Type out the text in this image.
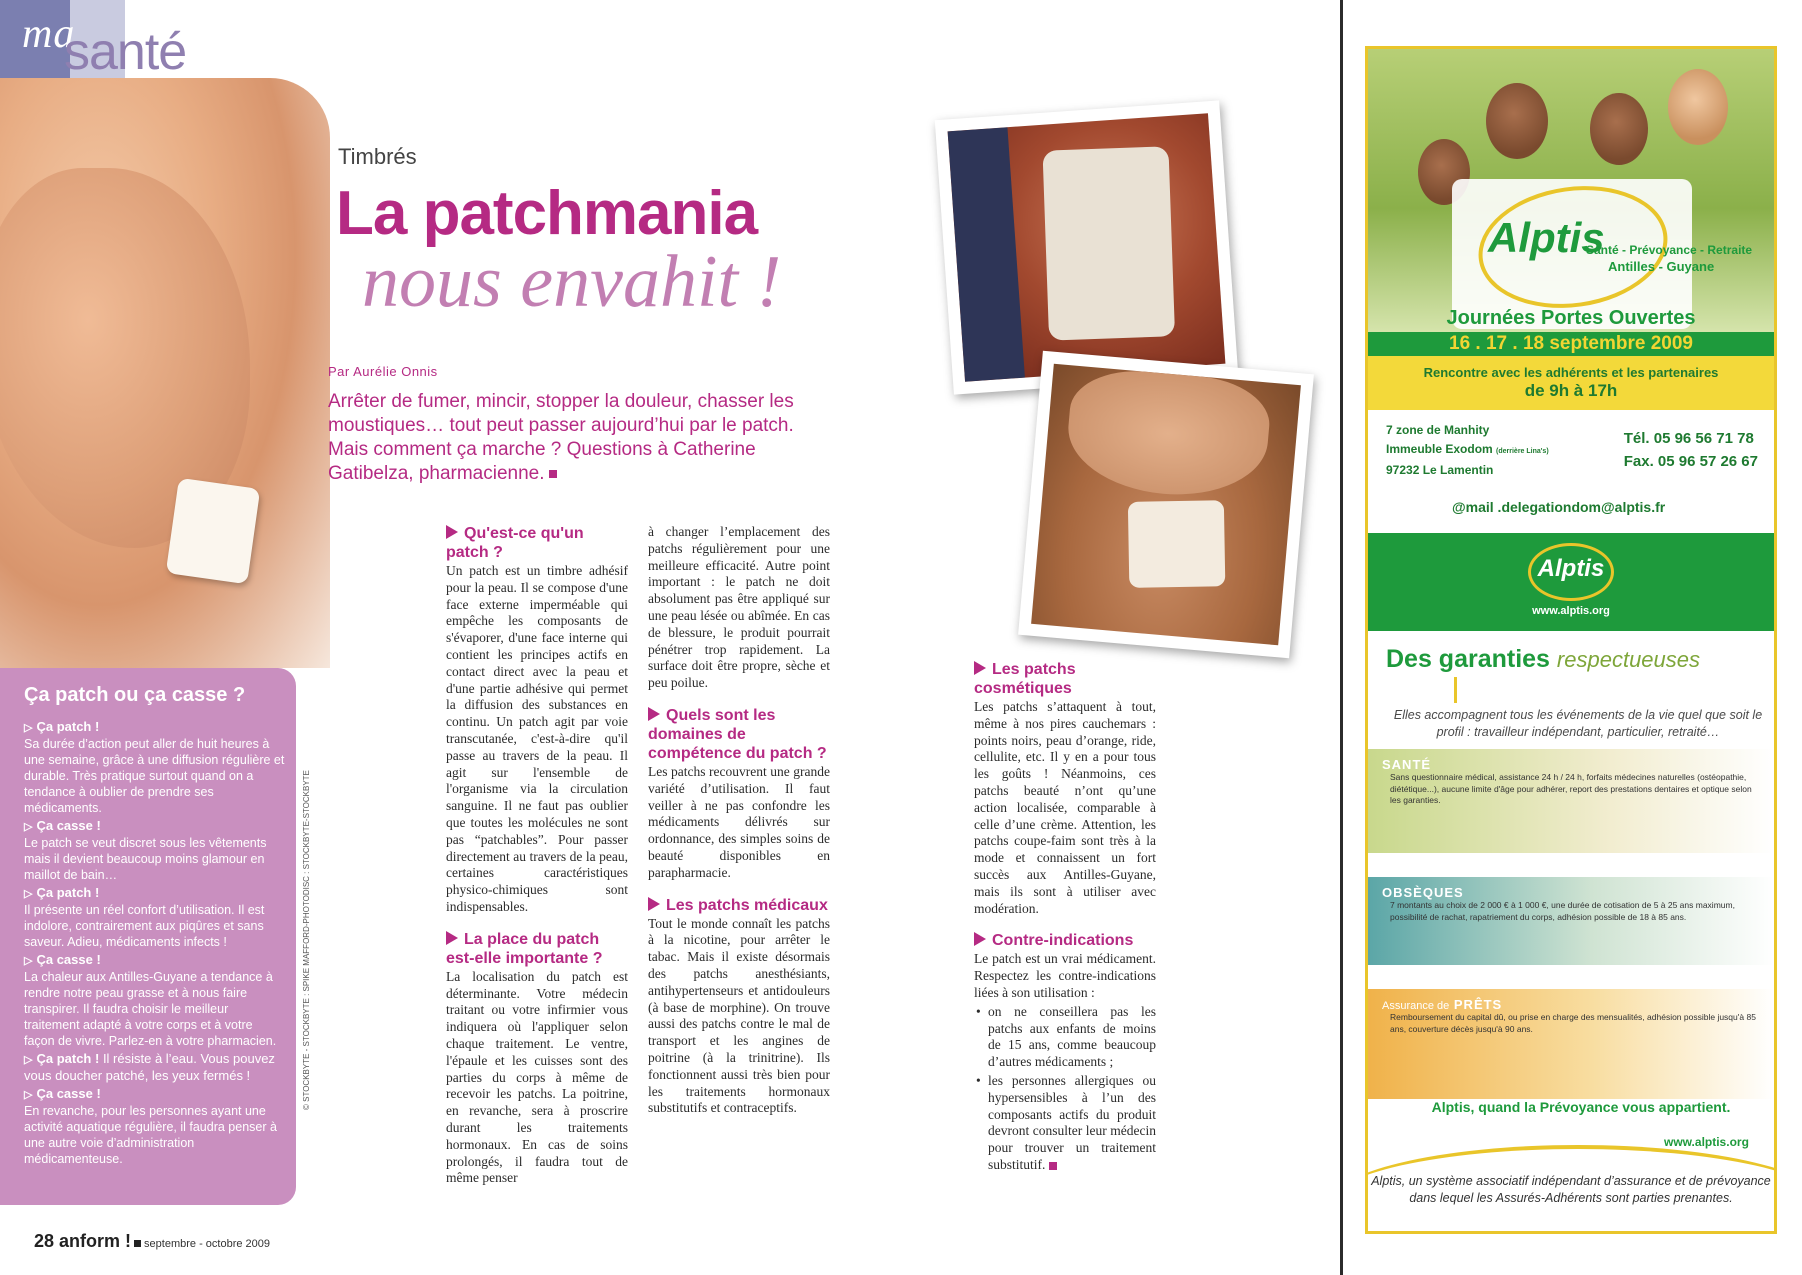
ma
santé
Timbrés
La patchmania
nous envahit !
Par Aurélie Onnis
Arrêter de fumer, mincir, stopper la douleur, chasser les moustiques… tout peut passer aujourd’hui par le patch. Mais comment ça marche ? Questions à Catherine Gatibelza, pharmacienne.
Qu'est-ce qu'un patch ?

Un patch est un timbre adhésif pour la peau. Il se compose d'une face externe imperméable qui empêche les composants de s'évaporer, d'une face interne qui contient les principes actifs en contact direct avec la peau et d'une partie adhésive qui permet la diffusion des substances en continu. Un patch agit par voie transcutanée, c'est-à-dire qu'il passe au travers de la peau. Il agit sur l'ensemble de l'organisme via la circulation sanguine. Il ne faut pas oublier que toutes les molécules ne sont pas “patchables”. Pour passer directement au travers de la peau, certaines caractéristiques physico-chimiques sont indispensables.

La place du patch est-elle importante ?

La localisation du patch est déterminante. Votre médecin traitant ou votre infirmier vous indiquera où l'appliquer selon chaque traitement. Le ventre, l'épaule et les cuisses sont des parties du corps à même de recevoir les patchs. La poitrine, en revanche, sera à proscrire durant les traitements hormonaux. En cas de soins prolongés, il faudra tout de même penser

à changer l’emplacement des patchs régulièrement pour une meilleure efficacité. Autre point important : le patch ne doit absolument pas être appliqué sur une peau lésée ou abîmée. En cas de blessure, le produit pourrait pénétrer trop rapidement. La surface doit être propre, sèche et peu poilue.

Quels sont les domaines de compétence du patch ?

Les patchs recouvrent une grande variété d’utilisation. Il faut veiller à ne pas confondre les médicaments délivrés sur ordonnance, des simples soins de beauté disponibles en parapharmacie.

Les patchs médicaux

Tout le monde connaît les patchs à la nicotine, pour arrêter le tabac. Mais il existe désormais des patchs anesthésiants, antihypertenseurs et antidouleurs (à base de morphine). On trouve aussi des patchs contre le mal de transport et les angines de poitrine (à la trinitrine). Ils fonctionnent aussi très bien pour les traitements hormonaux substitutifs et contraceptifs.

Les patchs cosmétiques

Les patchs s’attaquent à tout, même à nos pires cauchemars : points noirs, peau d’orange, ride, cellulite, etc. Il y en a pour tous les goûts ! Néanmoins, ces patchs beauté n’ont qu’une action localisée, comparable à celle d’une crème. Attention, les patchs coupe-faim sont très à la mode et connaissent un fort succès aux Antilles-Guyane, mais ils sont à utiliser avec modération.

Contre-indications

Le patch est un vrai médicament. Respectez les contre-indications liées à son utilisation :

• on ne conseillera pas les patchs aux enfants de moins de 15 ans, comme beaucoup d’autres médicaments ;
• les personnes allergiques ou hypersensibles à l’un des composants actifs du produit devront consulter leur médecin pour trouver un traitement substitutif.
Ça patch ou ça casse ?
▷ Ça patch !
Sa durée d’action peut aller de huit heures à une semaine, grâce à une diffusion régulière et durable. Très pratique surtout quand on a tendance à oublier de prendre ses médicaments.
▷ Ça casse !
Le patch se veut discret sous les vêtements mais il devient beaucoup moins glamour en maillot de bain…
▷ Ça patch !
Il présente un réel confort d’utilisation. Il est indolore, contrairement aux piqûres et sans saveur. Adieu, médicaments infects !
▷ Ça casse !
La chaleur aux Antilles-Guyane a tendance à rendre notre peau grasse et à nous faire transpirer. Il faudra choisir le meilleur traitement adapté à votre corps et à votre façon de vivre. Parlez-en à votre pharmacien.
▷ Ça patch ! Il résiste à l’eau. Vous pouvez vous doucher patché, les yeux fermés !
▷ Ça casse !
En revanche, pour les personnes ayant une activité aquatique régulière, il faudra penser à une autre voie d’administration médicamenteuse.
© STOCKBYTE - STOCKBYTE : SPIKE MAFFORD-PHOTODISC : STOCKBYTE-STOCKBYTE
28 anform ! septembre - octobre 2009
Alptis
Santé - Prévoyance - Retraite
Antilles - Guyane
Journées Portes Ouvertes
16 . 17 . 18 septembre 2009
Rencontre avec les adhérents et les partenaires
de 9h à 17h
7 zone de Manhity
Immeuble Exodom (derrière Lina's)
97232 Le Lamentin
Tél. 05 96 56 71 78
Fax. 05 96 57 26 67
@mail .delegationdom@alptis.fr
Alptis
www.alptis.org
Des garanties respectueuses
Elles accompagnent tous les événements de la vie quel que soit le profil : travailleur indépendant, particulier, retraité…
SANTÉ
Sans questionnaire médical, assistance 24 h / 24 h, forfaits médecines naturelles (ostéopathie, diététique...), aucune limite d'âge pour adhérer, report des prestations dentaires et optique selon les garanties.
OBSÈQUES
7 montants au choix de 2 000 € à 1 000 €, une durée de cotisation de 5 à 25 ans maximum, possibilité de rachat, rapatriement du corps, adhésion possible de 18 à 85 ans.
Assurance de PRÊTS
Remboursement du capital dû, ou prise en charge des mensualités, adhésion possible jusqu'à 85 ans, couverture décès jusqu'à 90 ans.
Alptis, quand la Prévoyance vous appartient.
www.alptis.org
Alptis, un système associatif indépendant d’assurance et de prévoyance dans lequel les Assurés-Adhérents sont parties prenantes.
